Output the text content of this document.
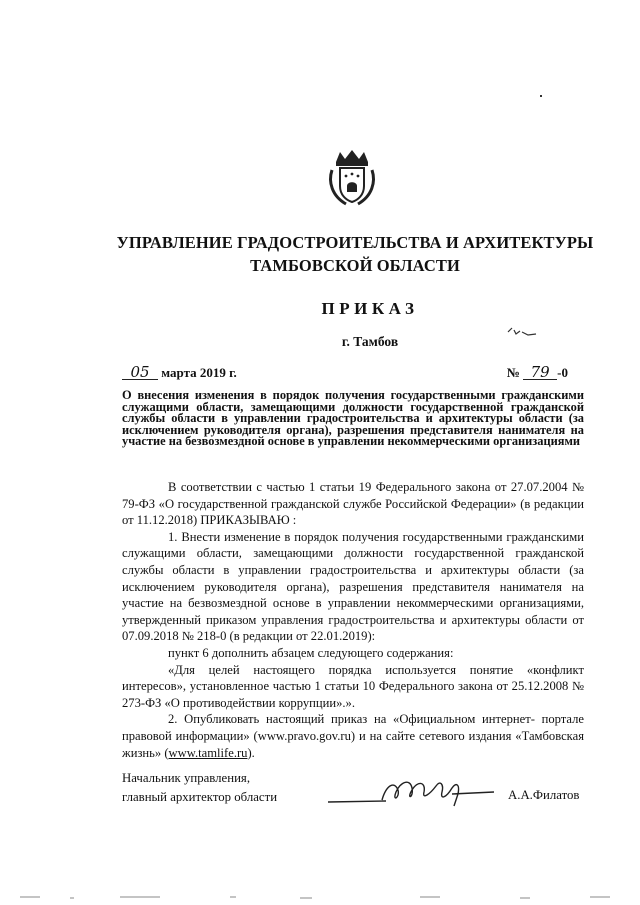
УПРАВЛЕНИЕ ГРАДОСТРОИТЕЛЬСТВА И АРХИТЕКТУРЫ
ТАМБОВСКОЙ ОБЛАСТИ
ПРИКАЗ
г. Тамбов
05 марта 2019 г.	№ 79 -0
О внесения изменения в порядок получения государственными гражданскими служащими области, замещающими должности государственной гражданской службы области в управлении градостроительства и архитектуры области (за исключением руководителя органа), разрешения представителя нанимателя на участие на безвозмездной основе в управлении некоммерческими организациями

В соответствии с частью 1 статьи 19 Федерального закона от 27.07.2004 № 79-ФЗ «О государственной гражданской службе Российской Федерации» (в редакции от 11.12.2018) ПРИКАЗЫВАЮ :

1. Внести изменение в порядок получения государственными гражданскими служащими области, замещающими должности государственной гражданской службы области в управлении градостроительства и архитектуры области (за исключением руководителя органа), разрешения представителя нанимателя на участие на безвозмездной основе в управлении некоммерческими организациями, утвержденный приказом управления градостроительства и архитектуры области от 07.09.2018 № 218-0 (в редакции от 22.01.2019):

пункт 6 дополнить абзацем следующего содержания:

«Для целей настоящего порядка используется понятие «конфликт интересов», установленное частью 1 статьи 10 Федерального закона от 25.12.2008 № 273-ФЗ «О противодействии коррупции».».

2. Опубликовать настоящий приказ на «Официальном интернет- портале правовой информации» (www.pravo.gov.ru) и на сайте сетевого издания «Тамбовская жизнь» (www.tamlife.ru).

Начальник управления,
главный архитектор области	А.А.Филатов
